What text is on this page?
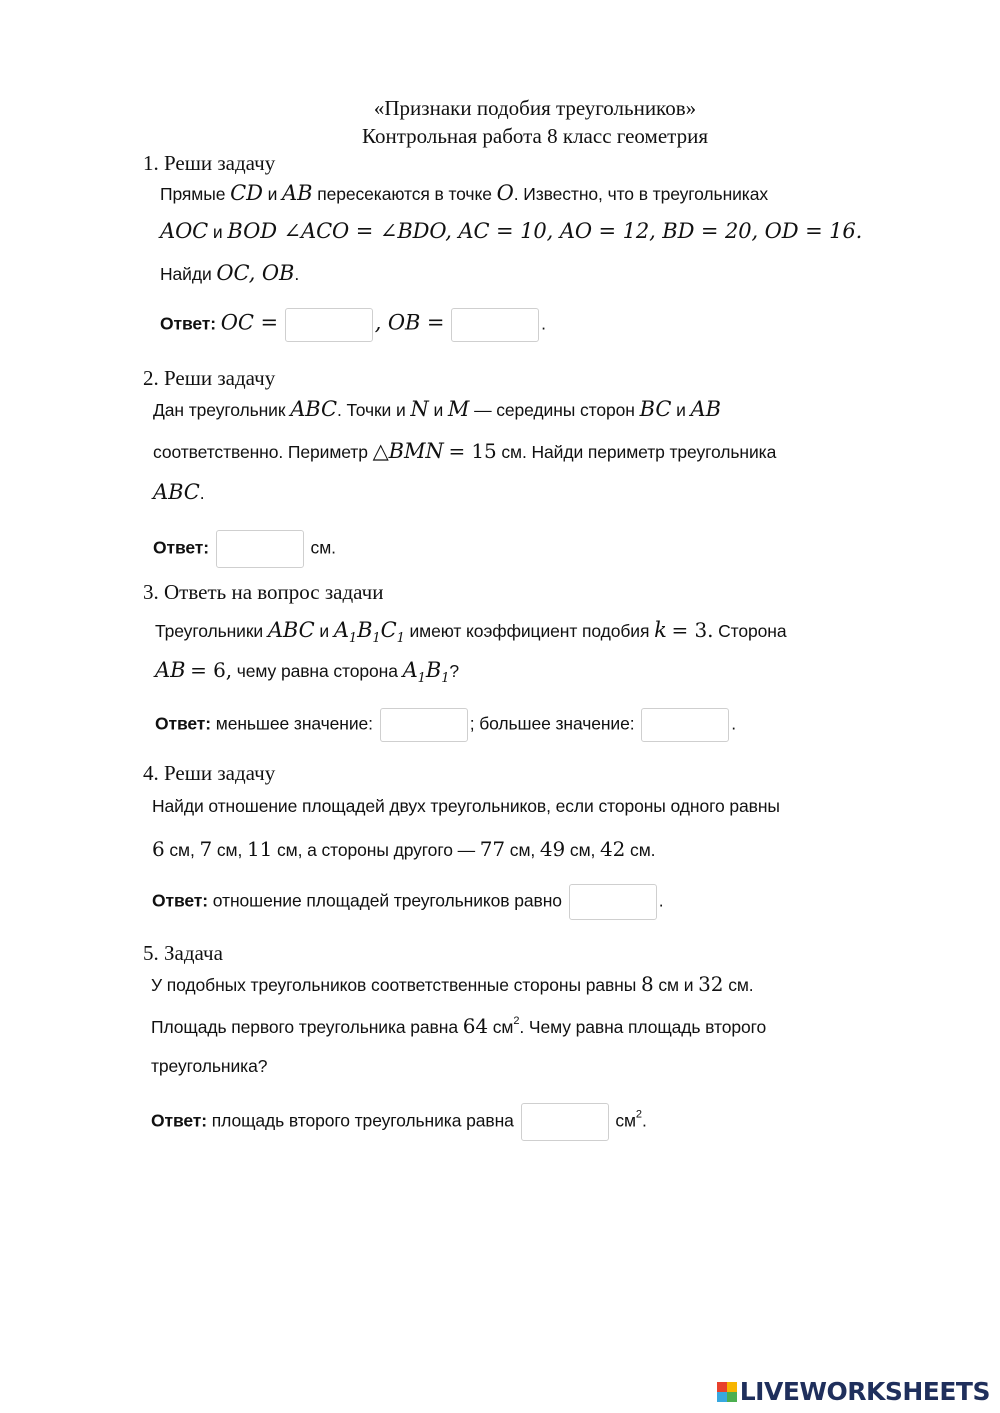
«Признаки подобия треугольников»
Контрольная работа 8 класс геометрия
1. Реши задачу
Прямые CD и AB пересекаются в точке O. Известно, что в треугольниках
AOC и BOD ∠ACO = ∠BDO, AC = 10, AO = 12, BD = 20, OD = 16.
Найди OC, OB.
Ответ: OC =	, OB =	.
2. Реши задачу
Дан треугольник ABC. Точки и N и M — середины сторон BC и AB
соответственно. Периметр △BMN = 15 см. Найди периметр треугольника
ABC.
Ответ:	см.
3. Ответь на вопрос задачи
Треугольники ABC и $A_1B_1C_1$ имеют коэффициент подобия k = 3. Сторона
AB = 6, чему равна сторона $A_1B_1$?
Ответ: меньшее значение:	; большее значение:	.
4. Реши задачу
Найди отношение площадей двух треугольников, если стороны одного равны
6 см, 7 см, 11 см, а стороны другого — 77 см, 49 см, 42 см.
Ответ: отношение площадей треугольников равно	.
5. Задача
У подобных треугольников соответственные стороны равны 8 см и 32 см.
Площадь первого треугольника равна 64 $см^2$. Чему равна площадь второго
треугольника?
Ответ: площадь второго треугольника равна	$см^2$.
LIVEWORKSHEETS
